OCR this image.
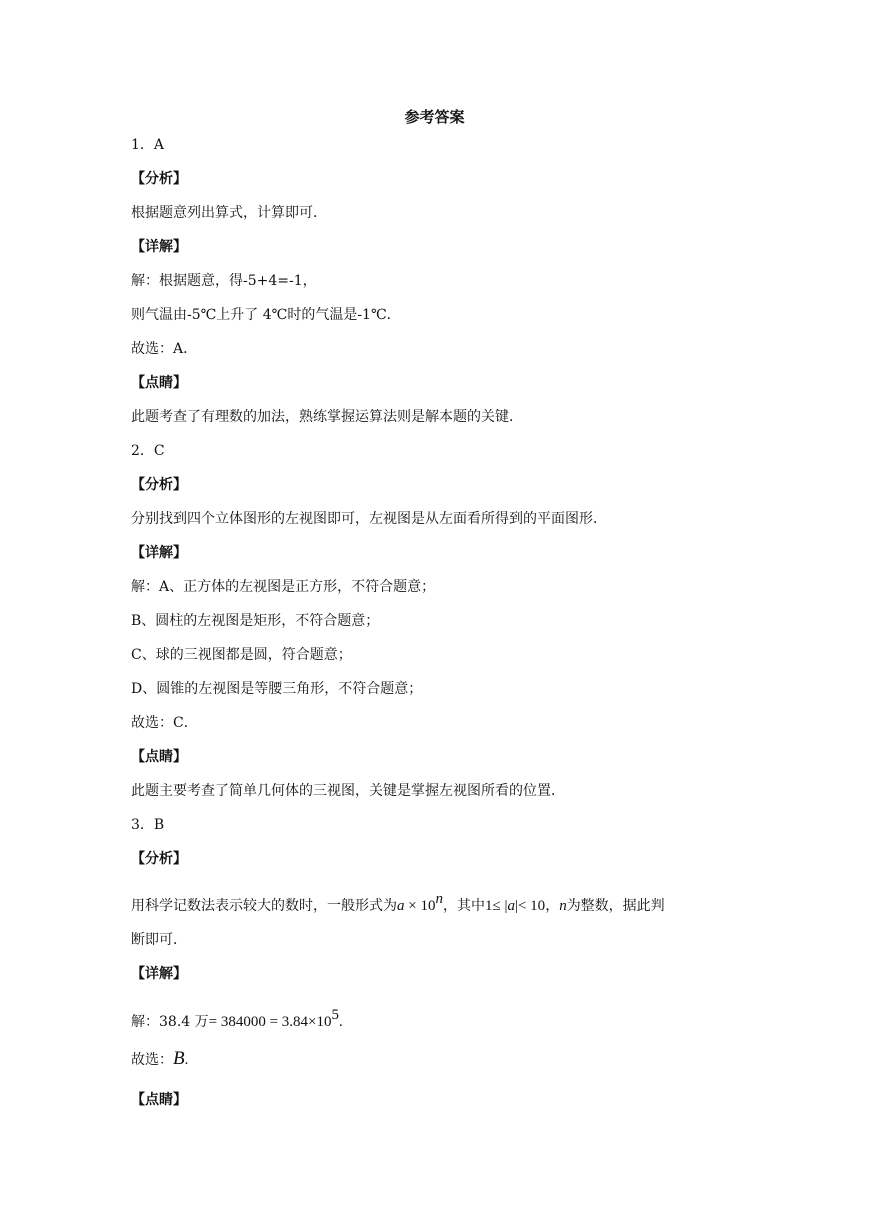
参考答案
1．A
【分析】
根据题意列出算式，计算即可．
【详解】
解：根据题意，得-5+4=-1，
则气温由-5℃上升了 4℃时的气温是-1℃．
故选：A．
【点睛】
此题考查了有理数的加法，熟练掌握运算法则是解本题的关键．
2．C
【分析】
分别找到四个立体图形的左视图即可，左视图是从左面看所得到的平面图形．
【详解】
解：A、正方体的左视图是正方形，不符合题意；
B、圆柱的左视图是矩形，不符合题意；
C、球的三视图都是圆，符合题意；
D、圆锥的左视图是等腰三角形，不符合题意；
故选：C．
【点睛】
此题主要考查了简单几何体的三视图，关键是掌握左视图所看的位置．
3．B
【分析】
用科学记数法表示较大的数时，一般形式为$a \times 10^n$，其中1≤ |a|< 10，n为整数，据此判
断即可．
【详解】
解：38.4 万= $384000 = 3.84\times 10^5$.
故选：B.
【点睛】
